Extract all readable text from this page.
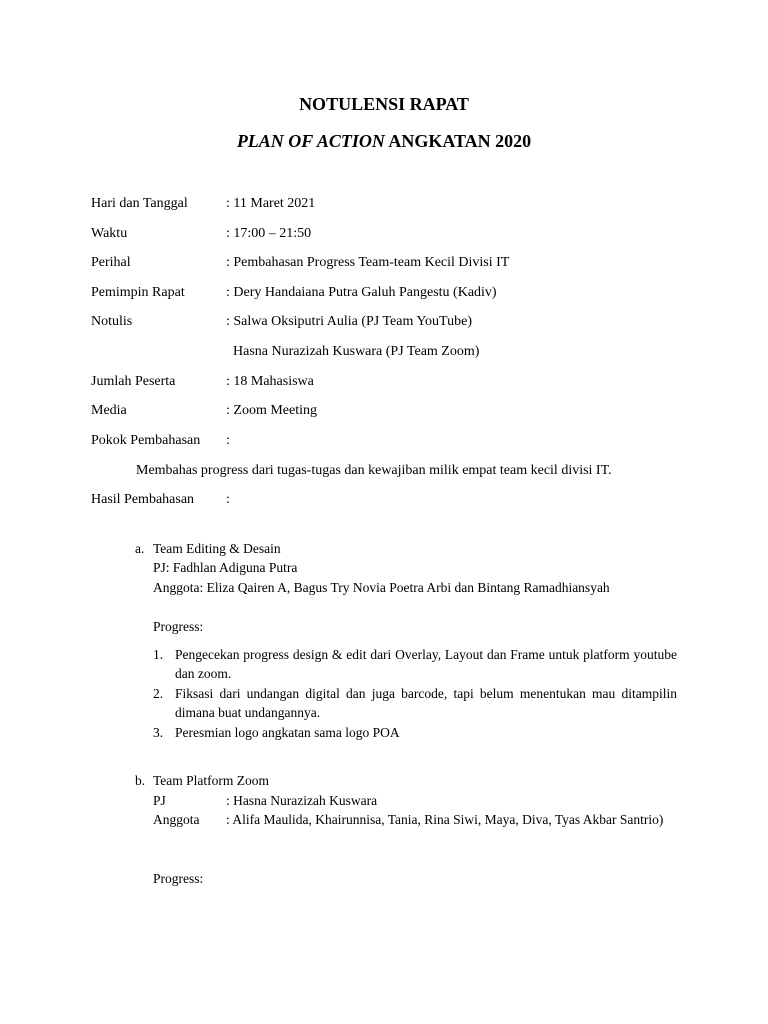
NOTULENSI RAPAT
PLAN OF ACTION ANGKATAN 2020
Hari dan Tanggal	: 11 Maret 2021
Waktu	: 17:00 – 21:50
Perihal	: Pembahasan Progress Team-team Kecil Divisi IT
Pemimpin Rapat	: Dery Handaiana Putra Galuh Pangestu (Kadiv)
Notulis	: Salwa Oksiputri Aulia (PJ Team YouTube)
Hasna Nurazizah Kuswara (PJ Team Zoom)
Jumlah Peserta	: 18 Mahasiswa
Media	: Zoom Meeting
Pokok Pembahasan :
Membahas progress dari tugas-tugas dan kewajiban milik empat team kecil divisi IT.
Hasil Pembahasan :
a. Team Editing & Desain
PJ: Fadhlan Adiguna Putra
Anggota: Eliza Qairen A, Bagus Try Novia Poetra Arbi dan Bintang Ramadhiansyah
Progress:
1. Pengecekan progress design & edit dari Overlay, Layout dan Frame untuk platform youtube dan zoom.
2. Fiksasi dari undangan digital dan juga barcode, tapi belum menentukan mau ditampilin dimana buat undangannya.
3. Peresmian logo angkatan sama logo POA
b. Team Platform Zoom
PJ	: Hasna Nurazizah Kuswara
Anggota	: Alifa Maulida, Khairunnisa, Tania, Rina Siwi, Maya, Diva, Tyas Akbar Santrio)
Progress:
